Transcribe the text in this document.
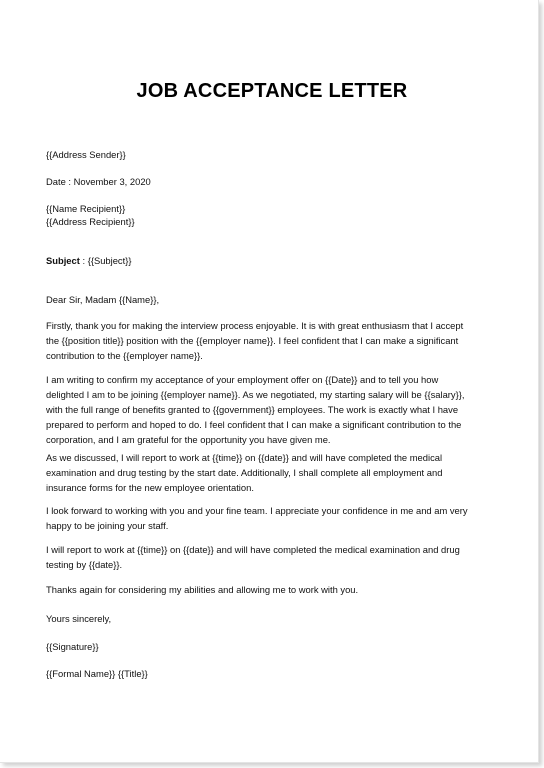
JOB ACCEPTANCE LETTER
{{Address Sender}}
Date : November 3, 2020
{{Name Recipient}}
{{Address Recipient}}
Subject : {{Subject}}
Dear Sir, Madam {{Name}},
Firstly, thank you for making the interview process enjoyable. It is with great enthusiasm that I accept
the {{position title}} position with the {{employer name}}. I feel confident that I can make a significant
contribution to the {{employer name}}.
I am writing to confirm my acceptance of your employment offer on {{Date}} and to tell you how
delighted I am to be joining {{employer name}}. As we negotiated, my starting salary will be {{salary}},
with the full range of benefits granted to {{government}} employees. The work is exactly what I have
prepared to perform and hoped to do. I feel confident that I can make a significant contribution to the
corporation, and I am grateful for the opportunity you have given me.
As we discussed, I will report to work at {{time}} on {{date}} and will have completed the medical
examination and drug testing by the start date. Additionally, I shall complete all employment and
insurance forms for the new employee orientation.
I look forward to working with you and your fine team. I appreciate your confidence in me and am very
happy to be joining your staff.
I will report to work at {{time}} on {{date}} and will have completed the medical examination and drug
testing by {{date}}.
Thanks again for considering my abilities and allowing me to work with you.
Yours sincerely,
{{Signature}}
{{Formal Name}} {{Title}}
